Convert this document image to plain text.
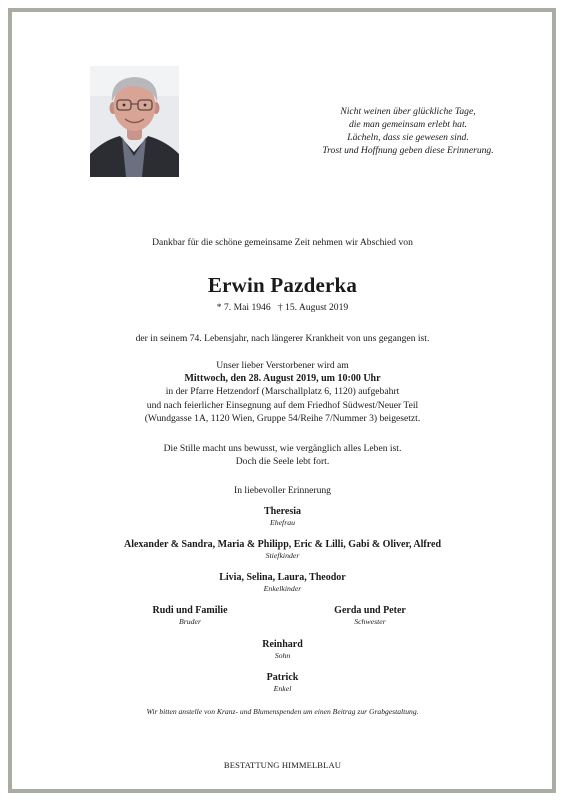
Nicht weinen über glückliche Tage,
die man gemeinsam erlebt hat.
Lächeln, dass sie gewesen sind.
Trost und Hoffnung geben diese Erinnerung.
Dankbar für die schöne gemeinsame Zeit nehmen wir Abschied von
Erwin Pazderka
* 7. Mai 1946   † 15. August 2019
der in seinem 74. Lebensjahr, nach längerer Krankheit von uns gegangen ist.
Unser lieber Verstorbener wird am
Mittwoch, den 28. August 2019, um 10:00 Uhr
in der Pfarre Hetzendorf (Marschallplatz 6, 1120) aufgebahrt
und nach feierlicher Einsegnung auf dem Friedhof Südwest/Neuer Teil
(Wundgasse 1A, 1120 Wien, Gruppe 54/Reihe 7/Nummer 3) beigesetzt.
Die Stille macht uns bewusst, wie vergänglich alles Leben ist.
Doch die Seele lebt fort.
In liebevoller Erinnerung
Theresia
Ehefrau
Alexander & Sandra, Maria & Philipp, Eric & Lilli, Gabi & Oliver, Alfred
Stiefkinder
Livia, Selina, Laura, Theodor
Enkelkinder
Rudi und Familie
Bruder
Gerda und Peter
Schwester
Reinhard
Sohn
Patrick
Enkel
Wir bitten anstelle von Kranz- und Blumenspenden um einen Beitrag zur Grabgestaltung.
BESTATTUNG HIMMELBLAU
